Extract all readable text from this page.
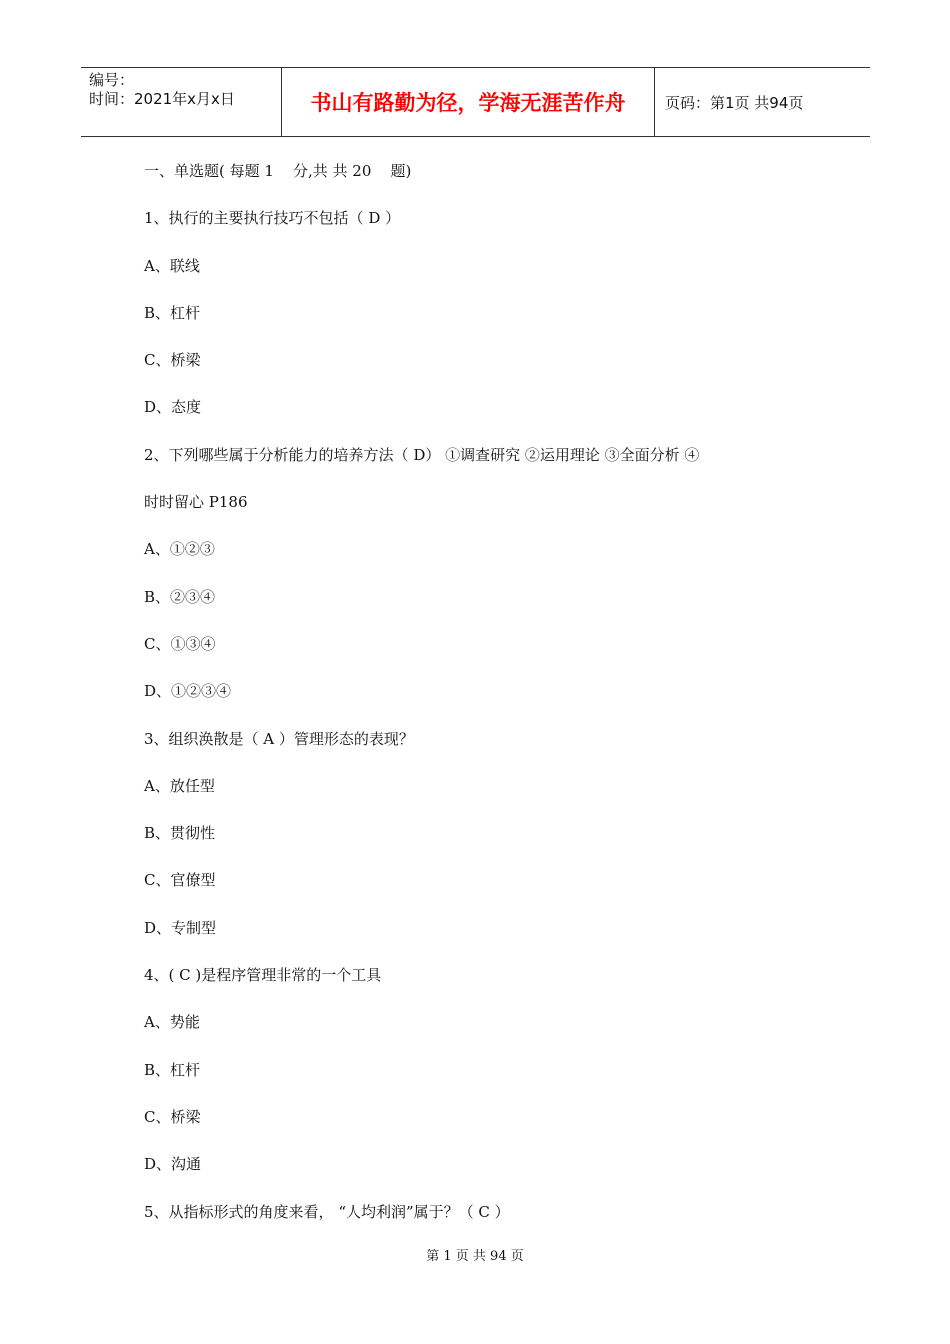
编号：
时间：2021年x月x日	书山有路勤为径，学海无涯苦作舟	页码：第1页 共94页
一、单选题( 每题 1    分,共 共 20    题)
1、执行的主要执行技巧不包括（ D ）
A、联线
B、杠杆
C、桥梁
D、态度
2、下列哪些属于分析能力的培养方法（ D） ①调查研究 ②运用理论 ③全面分析 ④
时时留心 P186
A、①②③
B、②③④
C、①③④
D、①②③④
3、组织涣散是（ A ）管理形态的表现？
A、放任型
B、贯彻性
C、官僚型
D、专制型
4、( C )是程序管理非常的一个工具
A、势能
B、杠杆
C、桥梁
D、沟通
5、从指标形式的角度来看， “人均利润”属于？（ C ）
第 1 页 共 94 页
